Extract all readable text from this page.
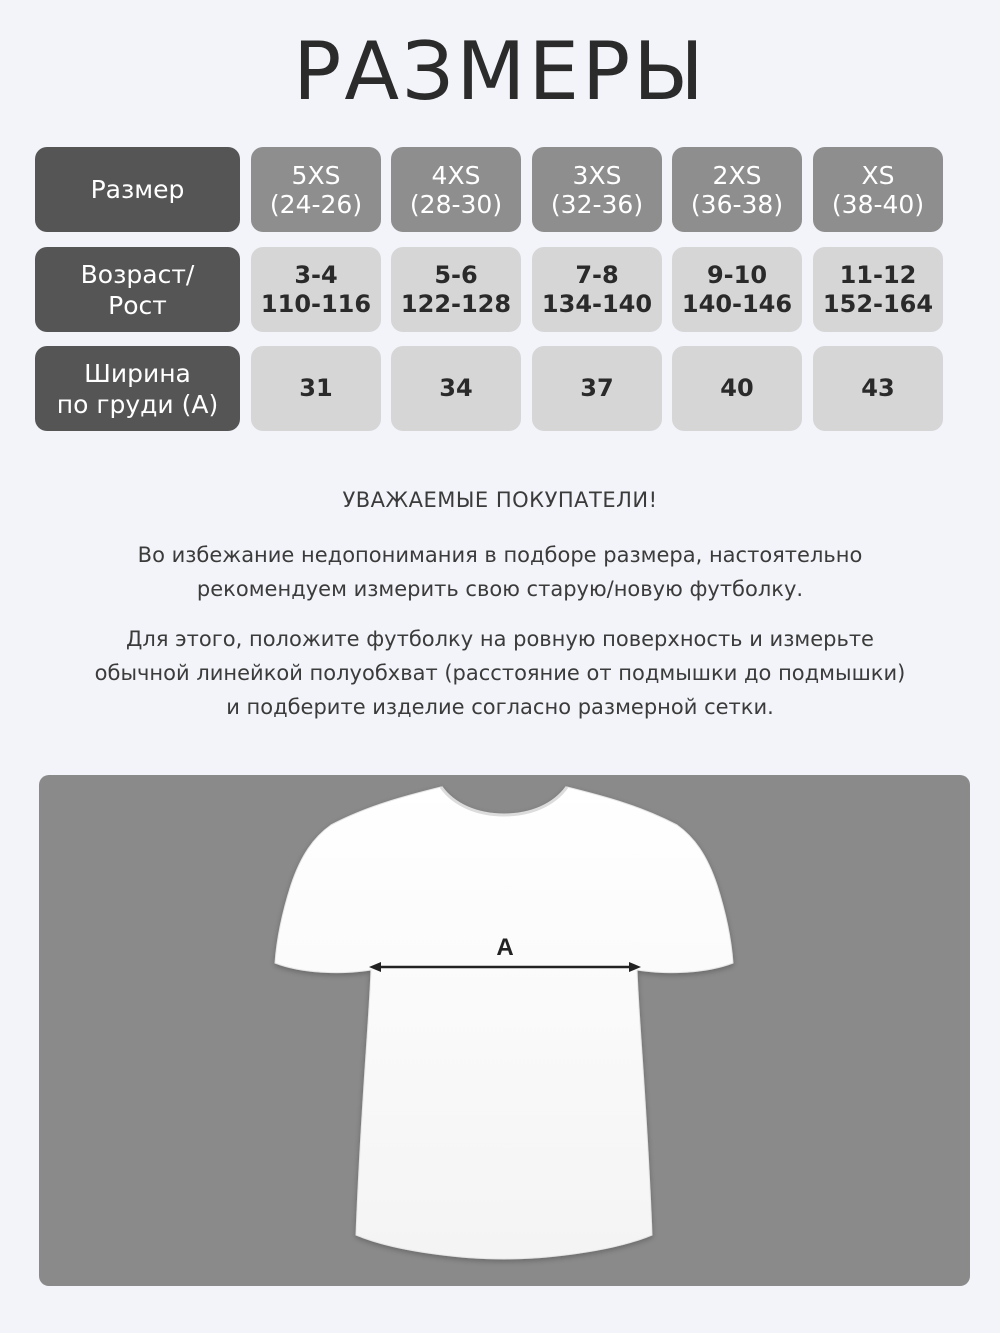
РАЗМЕРЫ
Размер
Возраст/
Рост
Ширина
по груди (А)
5XS
(24-26)
3-4
110-116
31
4XS
(28-30)
5-6
122-128
34
3XS
(32-36)
7-8
134-140
37
2XS
(36-38)
9-10
140-146
40
XS
(38-40)
11-12
152-164
43
УВАЖАЕМЫЕ ПОКУПАТЕЛИ!
Во избежание недопонимания в подборе размера, настоятельно
рекомендуем измерить свою старую/новую футболку.
Для этого, положите футболку на ровную поверхность и измерьте
обычной линейкой полуобхват (расстояние от подмышки до подмышки)
и подберите изделие согласно размерной сетки.
A
